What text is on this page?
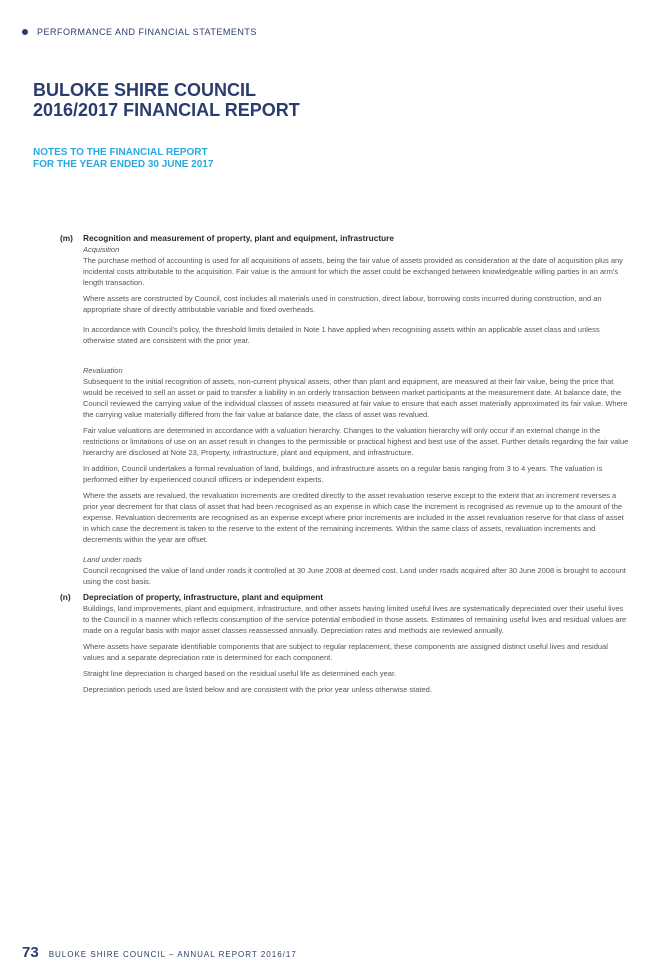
PERFORMANCE AND FINANCIAL STATEMENTS
BULOKE SHIRE COUNCIL
2016/2017 FINANCIAL REPORT
NOTES TO THE FINANCIAL REPORT
FOR THE YEAR ENDED 30 JUNE 2017
(m)	Recognition and measurement of property, plant and equipment, infrastructure

Acquisition

The purchase method of accounting is used for all acquisitions of assets, being the fair value of assets provided as consideration at the date of acquisition plus any incidental costs attributable to the acquisition. Fair value is the amount for which the asset could be exchanged between knowledgeable willing parties in an arm's length transaction.

Where assets are constructed by Council, cost includes all materials used in construction, direct labour, borrowing costs incurred during construction, and an appropriate share of directly attributable variable and fixed overheads.

In accordance with Council's policy, the threshold limits detailed in Note 1 have applied when recognising assets within an applicable asset class and unless otherwise stated are consistent with the prior year.

Revaluation

Subsequent to the initial recognition of assets, non-current physical assets, other than plant and equipment, are measured at their fair value, being the price that would be received to sell an asset or paid to transfer a liability in an orderly transaction between market participants at the measurement date. At balance date, the Council reviewed the carrying value of the individual classes of assets measured at fair value to ensure that each asset materially approximated its fair value. Where the carrying value materially differed from the fair value at balance date, the class of asset was revalued.

Fair value valuations are determined in accordance with a valuation hierarchy. Changes to the valuation hierarchy will only occur if an external change in the restrictions or limitations of use on an asset result in changes to the permissible or practical highest and best use of the asset. Further details regarding the fair value hierarchy are disclosed at Note 23, Property, infrastructure, plant and equipment, and infrastructure.

In addition, Council undertakes a formal revaluation of land, buildings, and infrastructure assets on a regular basis ranging from 3 to 4 years. The valuation is performed either by experienced council officers or independent experts.

Where the assets are revalued, the revaluation increments are credited directly to the asset revaluation reserve except to the extent that an increment reverses a prior year decrement for that class of asset that had been recognised as an expense in which case the increment is recognised as revenue up to the amount of the expense. Revaluation decrements are recognised as an expense except where prior increments are included in the asset revaluation reserve for that class of asset in which case the decrement is taken to the reserve to the extent of the remaining increments. Within the same class of assets, revaluation increments and decrements within the year are offset.

Land under roads

Council recognised the value of land under roads it controlled at 30 June 2008 at deemed cost. Land under roads acquired after 30 June 2008 is brought to account using the cost basis.

(n)	Depreciation of property, infrastructure, plant and equipment

Buildings, land improvements, plant and equipment, infrastructure, and other assets having limited useful lives are systematically depreciated over their useful lives to the Council in a manner which reflects consumption of the service potential embodied in those assets. Estimates of remaining useful lives and residual values are made on a regular basis with major asset classes reassessed annually. Depreciation rates and methods are reviewed annually.

Where assets have separate identifiable components that are subject to regular replacement, these components are assigned distinct useful lives and residual values and a separate depreciation rate is determined for each component.

Straight line depreciation is charged based on the residual useful life as determined each year.

Depreciation periods used are listed below and are consistent with the prior year unless otherwise stated.

73 BULOKE SHIRE COUNCIL – ANNUAL REPORT 2016/17
